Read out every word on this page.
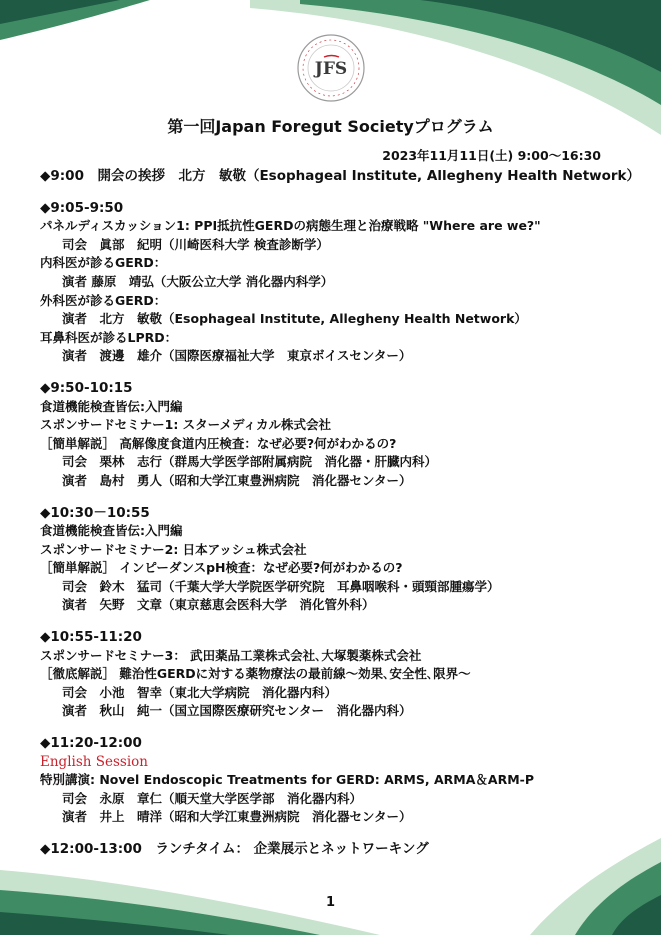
JFS
第一回Japan Foregut Societyプログラム
2023年11月11日(土) 9:00～16:30
◆9:00　開会の挨拶　北方　敏敬（Esophageal Institute, Allegheny Health Network）
◆9:05-9:50
パネルディスカッション1: PPI抵抗性GERDの病態生理と治療戦略 "Where are we?"
司会　眞部　紀明（川崎医科大学 検査診断学）
内科医が診るGERD：
演者 藤原　靖弘（大阪公立大学 消化器内科学）
外科医が診るGERD：
演者　北方　敏敬（Esophageal Institute, Allegheny Health Network）
耳鼻科医が診るLPRD：
演者　渡邊　雄介（国際医療福祉大学　東京ボイスセンター）
◆9:50-10:15
食道機能検査皆伝:入門編
スポンサードセミナー1: スターメディカル株式会社
［簡単解説］ 高解像度食道内圧検査：なぜ必要?何がわかるの?
司会　栗林　志行（群馬大学医学部附属病院　消化器・肝臓内科）
演者　島村　勇人（昭和大学江東豊洲病院　消化器センター）
◆10:30－10:55
食道機能検査皆伝:入門編
スポンサードセミナー2: 日本アッシュ株式会社
［簡単解説］ インピーダンスpH検査：なぜ必要?何がわかるの?
司会　鈴木　猛司（千葉大学大学院医学研究院　耳鼻咽喉科・頭頸部腫瘍学）
演者　矢野　文章（東京慈恵会医科大学　消化管外科）
◆10:55-11:20
スポンサードセミナー3： 武田薬品工業株式会社､大塚製薬株式会社
［徹底解説］ 難治性GERDに対する薬物療法の最前線～効果､安全性､限界～
司会　小池　智幸（東北大学病院　消化器内科）
演者　秋山　純一（国立国際医療研究センター　消化器内科）
◆11:20-12:00
English Session
特別講演: Novel Endoscopic Treatments for GERD: ARMS, ARMA＆ARM-P
司会　永原　章仁（順天堂大学医学部　消化器内科）
演者　井上　晴洋（昭和大学江東豊洲病院　消化器センター）
◆12:00-13:00　ランチタイム： 企業展示とネットワーキング
1
